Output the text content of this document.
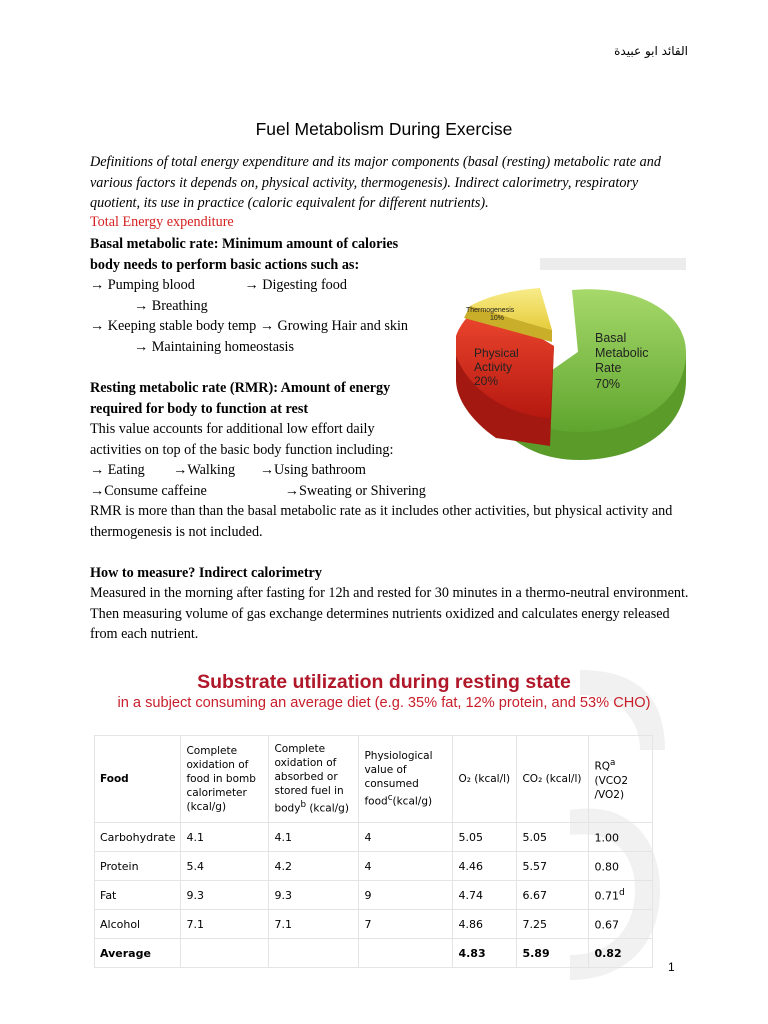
القائد ابو عبيدة
Fuel Metabolism During Exercise
Definitions of total energy expenditure and its major components (basal (resting) metabolic rate and various factors it depends on, physical activity, thermogenesis). Indirect calorimetry, respiratory quotient, its use in practice (caloric equivalent for different nutrients).
Total Energy expenditure
Basal metabolic rate: Minimum amount of calories
body needs to perform basic actions such as:
→ Pumping blood              → Digesting food
→ Breathing
→ Keeping stable body temp → Growing Hair and skin
→ Maintaining homeostasis
Basal
Metabolic
Rate
70%
Physical
Activity
20%
Thermogenesis
10%
Resting metabolic rate (RMR): Amount of energy
required for body to function at rest
This value accounts for additional low effort daily
activities on top of the basic body function including:
→ Eating        →Walking       →Using bathroom
→Consume caffeine                      →Sweating or Shivering
RMR is more than than the basal metabolic rate as it includes other activities, but physical activity and thermogenesis is not included.
How to measure? Indirect calorimetry
Measured in the morning after fasting for 12h and rested for 30 minutes in a thermo-neutral environment. Then measuring volume of gas exchange determines nutrients oxidized and calculates energy released from each nutrient.
Substrate utilization during resting state
in a subject consuming an average diet (e.g. 35% fat, 12% protein, and 53% CHO)
Food	Complete oxidation of food in bomb calorimeter (kcal/g)	Complete oxidation of absorbed or stored fuel in body$^b$ (kcal/g)	Physiological value of consumed food$^c$(kcal/g)	O₂ (kcal/l)	CO₂ (kcal/l)	$RQ^a$ (VCO2 /VO2)
Carbohydrate	4.1	4.1	4	5.05	5.05	1.00
Protein	5.4	4.2	4	4.46	5.57	0.80
Fat	9.3	9.3	9	4.74	6.67	0.71$^d$
Alcohol	7.1	7.1	7	4.86	7.25	0.67
Average				4.83	5.89	0.82
1
